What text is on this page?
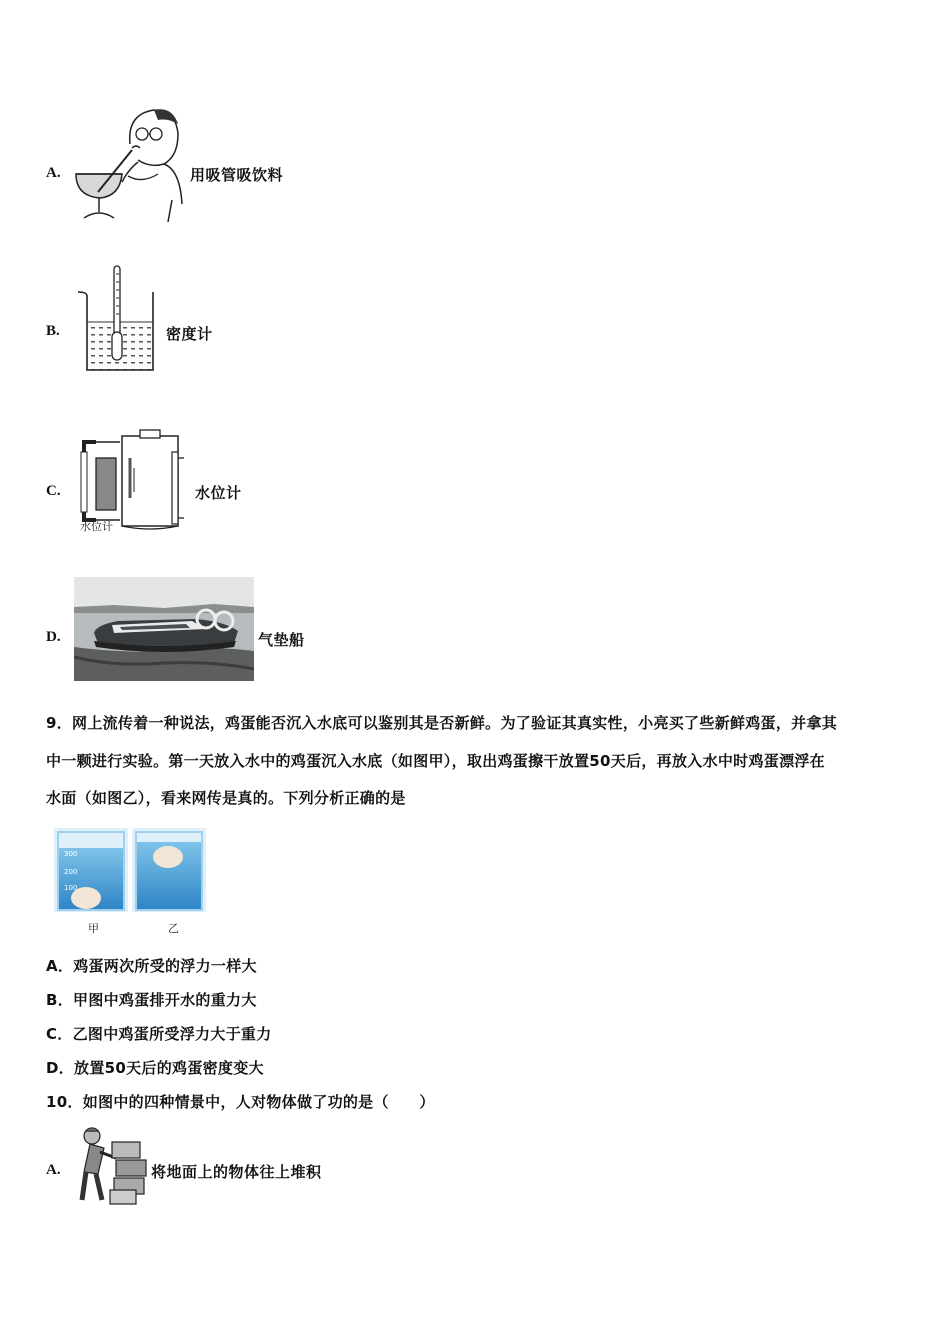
A.	用吸管吸饮料
B.	密度计
C.
水位计
水位计
D.	气垫船
9．网上流传着一种说法，鸡蛋能否沉入水底可以鉴别其是否新鲜。为了验证其真实性，小亮买了些新鲜鸡蛋，并拿其
中一颗进行实验。第一天放入水中的鸡蛋沉入水底（如图甲），取出鸡蛋擦干放置50天后，再放入水中时鸡蛋漂浮在
水面（如图乙），看来网传是真的。下列分析正确的是
300
200
100
甲	乙
A．鸡蛋两次所受的浮力一样大
B．甲图中鸡蛋排开水的重力大
C．乙图中鸡蛋所受浮力大于重力
D．放置50天后的鸡蛋密度变大
10．如图中的四种情景中，人对物体做了功的是（　　）
A.	将地面上的物体往上堆积
